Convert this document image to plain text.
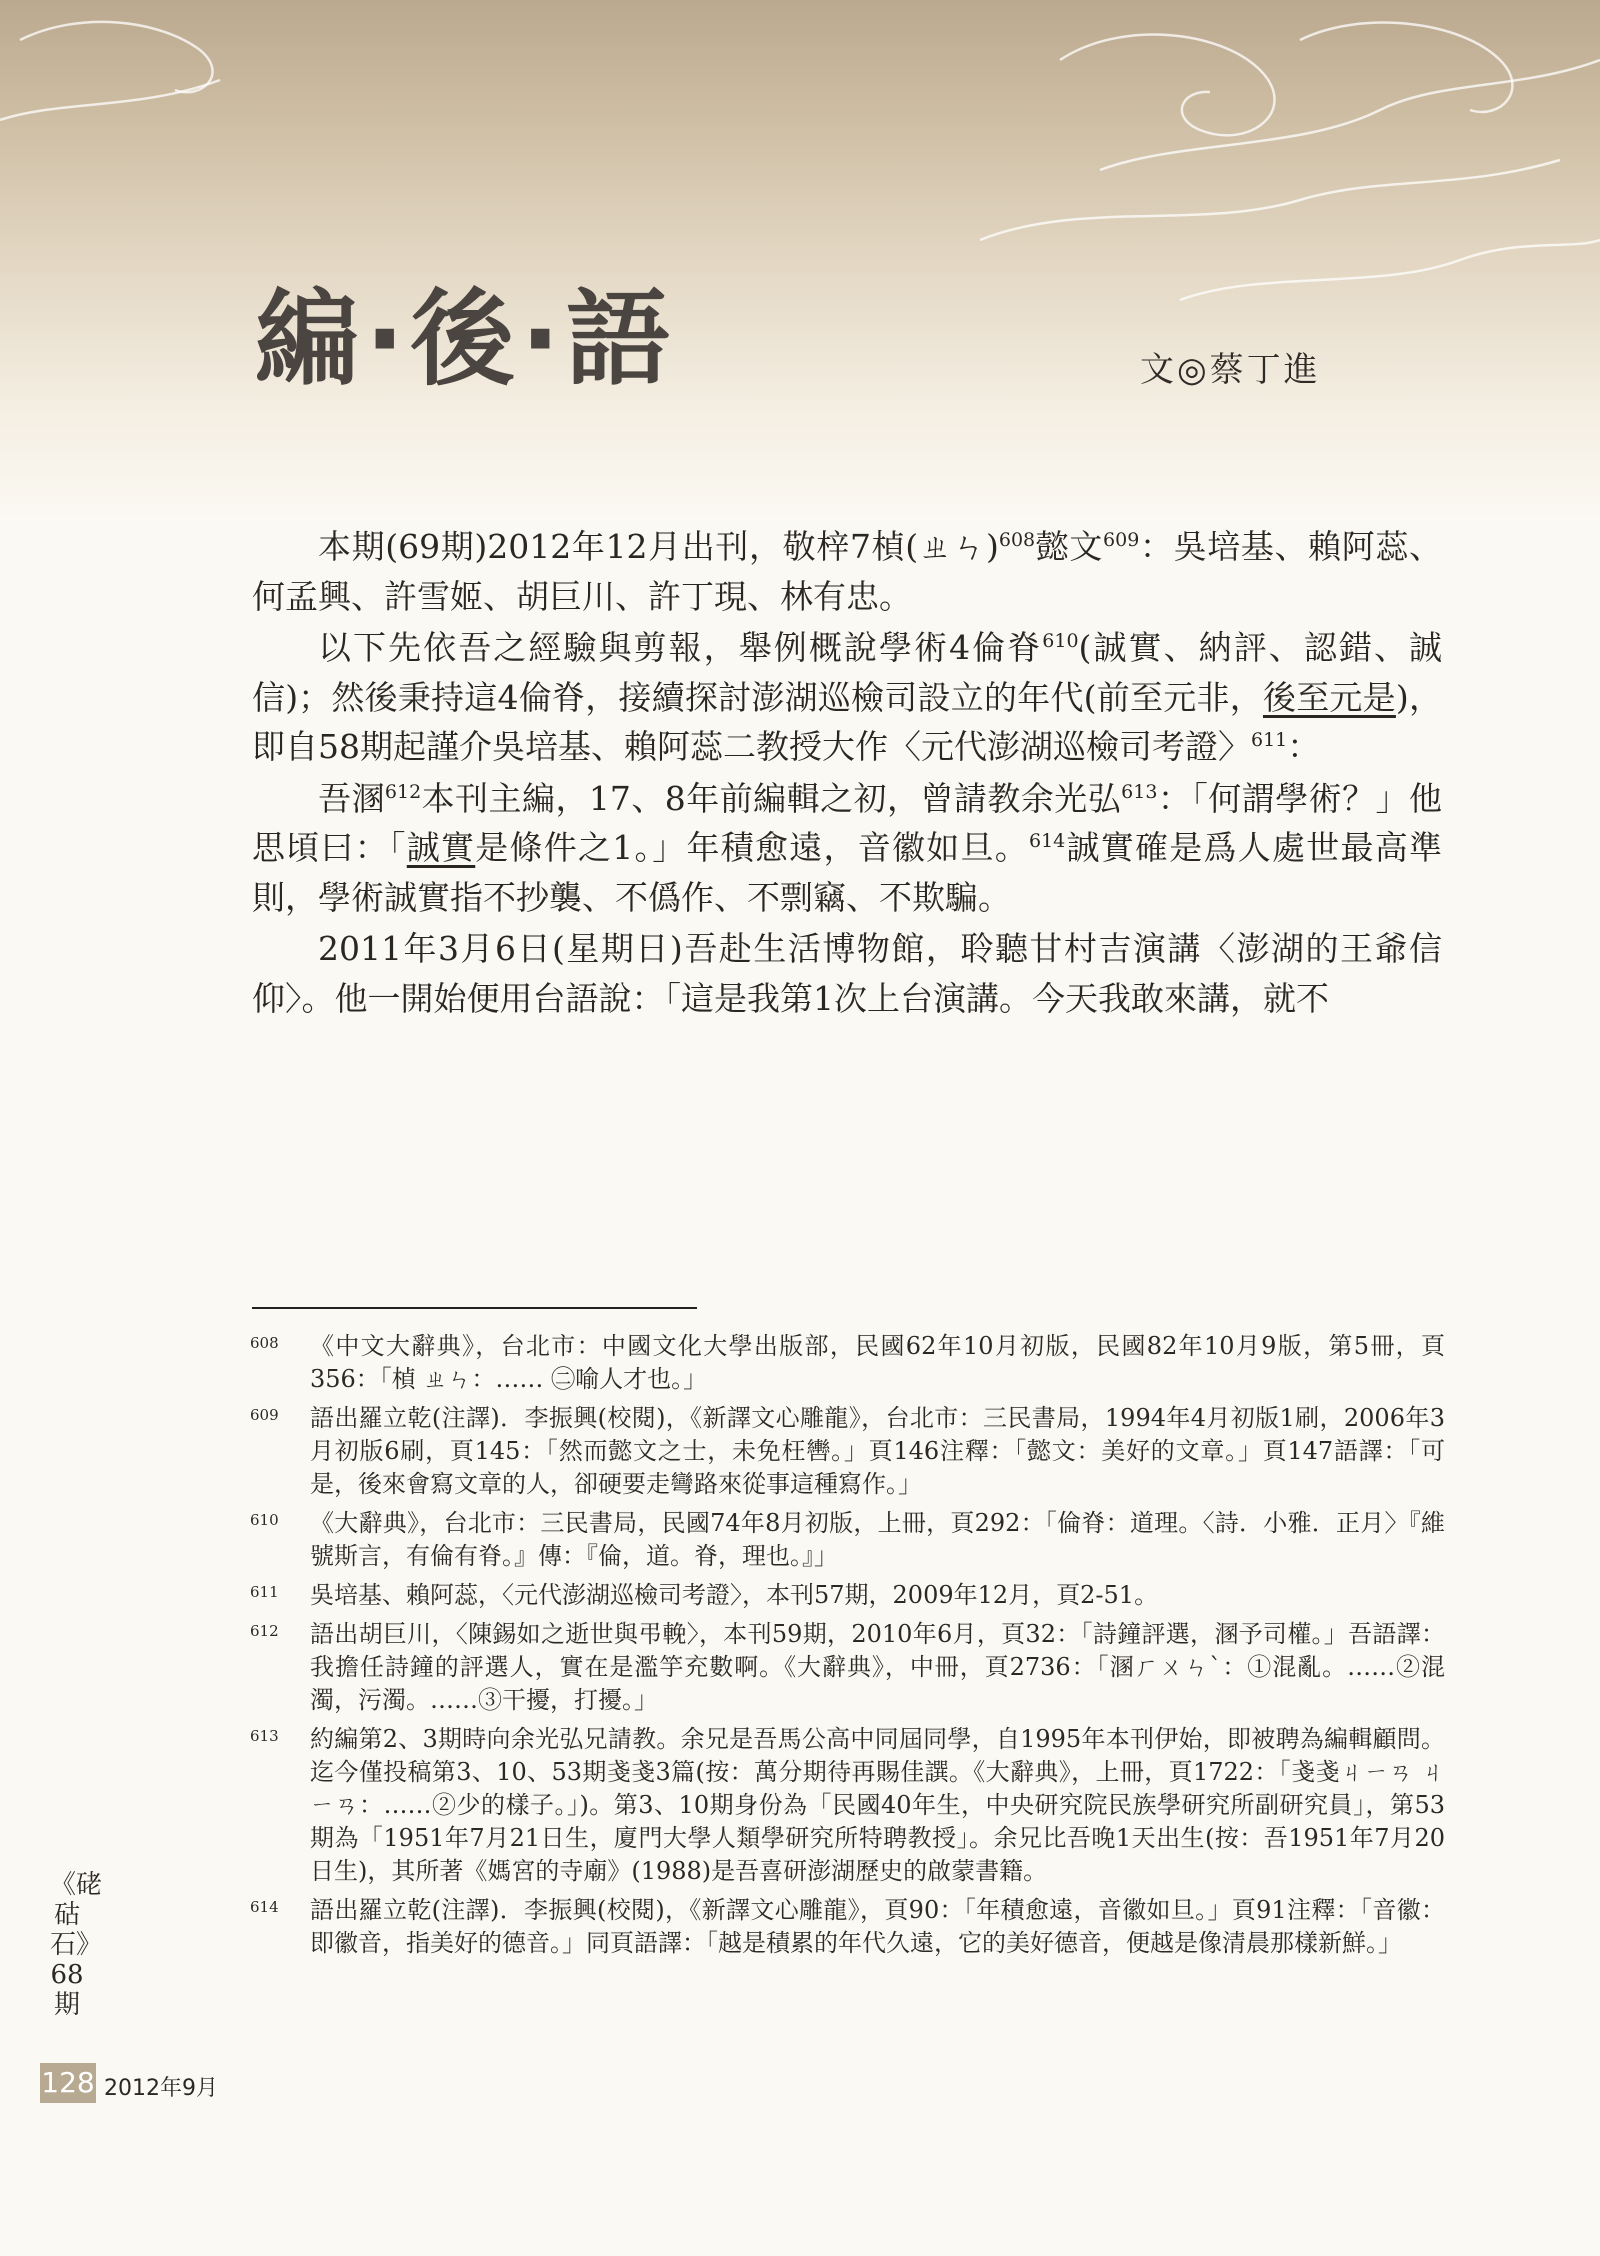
編·後·語	文◎蔡丁進

本期(69期)2012年12月出刊，敬梓7楨(ㄓㄣ)$^{608}$懿文$^{609}$：吳培基、賴阿蕊、何孟興、許雪姬、胡巨川、許丁現、林有忠。

以下先依吾之經驗與剪報，舉例概說學術4倫脊$^{610}$(誠實、納評、認錯、誠信)；然後秉持這4倫脊，接續探討澎湖巡檢司設立的年代(前至元非，後至元是)，即自58期起謹介吳培基、賴阿蕊二教授大作〈元代澎湖巡檢司考證〉$^{611}$：

吾溷$^{612}$本刊主編，17、8年前編輯之初，曾請教余光弘$^{613}$：「何謂學術？」他思頃曰：「誠實是條件之1。」年積愈遠，音徽如旦。$^{614}$誠實確是爲人處世最高準則，學術誠實指不抄襲、不僞作、不剽竊、不欺騙。

2011年3月6日(星期日)吾赴生活博物館，聆聽甘村吉演講〈澎湖的王爺信仰〉。他一開始便用台語說：「這是我第1次上台演講。今天我敢來講，就不

608	《中文大辭典》，台北市：中國文化大學出版部，民國62年10月初版，民國82年10月9版，第5冊，頁356：「楨 ㄓㄣ：…… ㊁喻人才也。」
609	語出羅立乾(注譯)．李振興(校閱)，《新譯文心雕龍》，台北市：三民書局，1994年4月初版1刷，2006年3月初版6刷，頁145：「然而懿文之士，未免枉轡。」頁146注釋：「懿文：美好的文章。」頁147語譯：「可是，後來會寫文章的人，卻硬要走彎路來從事這種寫作。」
610	《大辭典》，台北市：三民書局，民國74年8月初版，上冊，頁292：「倫脊：道理。〈詩．小雅．正月〉『維號斯言，有倫有脊。』傳：『倫，道。脊，理也。』」
611	吳培基、賴阿蕊，〈元代澎湖巡檢司考證〉，本刊57期，2009年12月，頁2-51。
612	語出胡巨川，〈陳錫如之逝世與弔輓〉，本刊59期，2010年6月，頁32：「詩鐘評選，溷予司權。」吾語譯：我擔任詩鐘的評選人，實在是濫竽充數啊。《大辭典》，中冊，頁2736：「溷ㄏㄨㄣˋ：①混亂。……②混濁，污濁。……③干擾，打擾。」
613	約編第2、3期時向余光弘兄請教。余兄是吾馬公高中同屆同學，自1995年本刊伊始，即被聘為編輯顧問。迄今僅投稿第3、10、53期戔戔3篇(按：萬分期待再賜佳譔。《大辭典》，上冊，頁1722：「戔戔ㄐㄧㄢ ㄐㄧㄢ：……②少的樣子。」)。第3、10期身份為「民國40年生，中央研究院民族學研究所副研究員」，第53期為「1951年7月21日生，廈門大學人類學研究所特聘教授」。余兄比吾晚1天出生(按：吾1951年7月20日生)，其所著《媽宮的寺廟》(1988)是吾喜研澎湖歷史的啟蒙書籍。
614	語出羅立乾(注譯)．李振興(校閱)，《新譯文心雕龍》，頁90：「年積愈遠，音徽如旦。」頁91注釋：「音徽：即徽音，指美好的德音。」同頁語譯：「越是積累的年代久遠，它的美好德音，便越是像清晨那樣新鮮。」
《硓𥑮石》68期
128 2012年9月
